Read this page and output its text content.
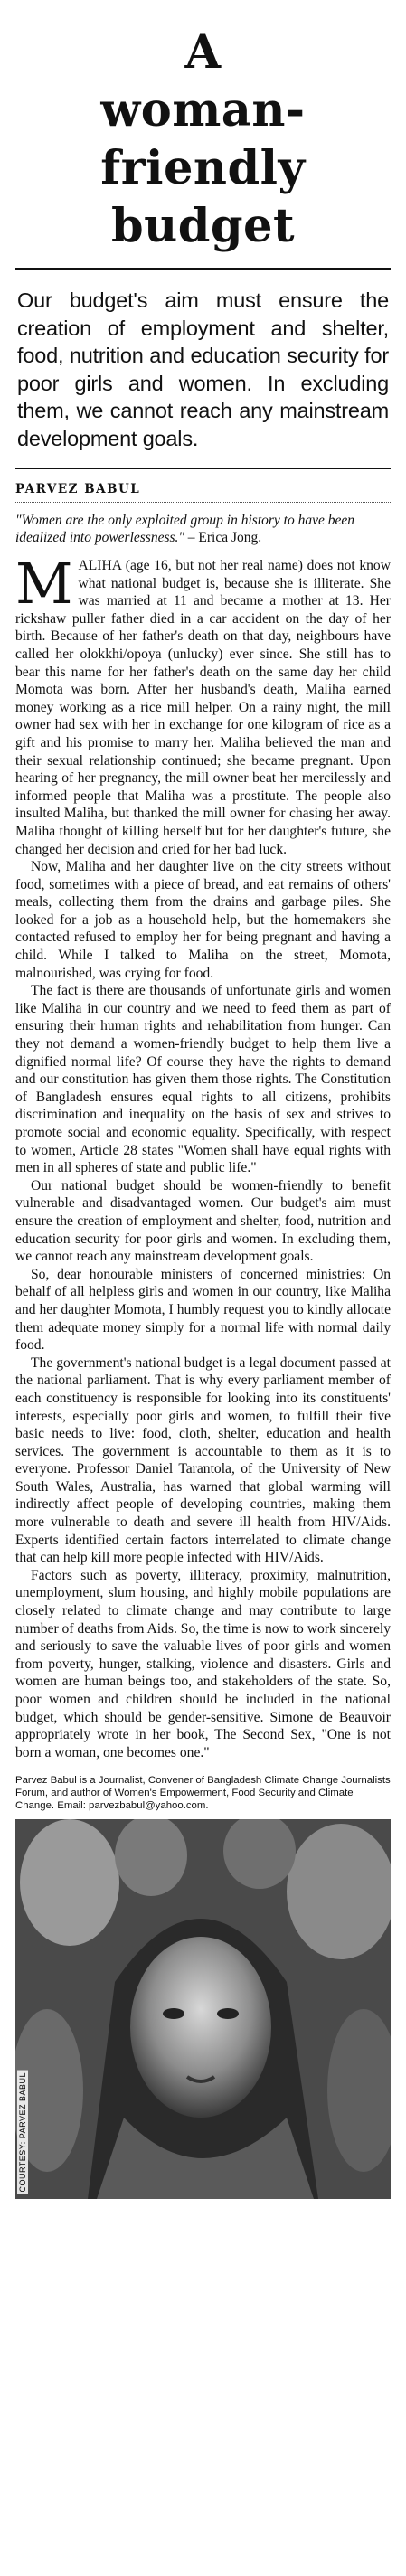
A
woman-friendly
budget
Our budget's aim must ensure the creation of employment and shelter, food, nutrition and education security for poor girls and women. In excluding them, we cannot reach any mainstream development goals.
PARVEZ BABUL
"Women are the only exploited group in history to have been idealized into powerlessness." – Erica Jong.

MALIHA (age 16, but not her real name) does not know what national budget is, because she is illiterate. She was married at 11 and became a mother at 13. Her rickshaw puller father died in a car accident on the day of her birth. Because of her father's death on that day, neighbours have called her olokkhi/opoya (unlucky) ever since. She still has to bear this name for her father's death on the same day her child Momota was born. After her husband's death, Maliha earned money working as a rice mill helper. On a rainy night, the mill owner had sex with her in exchange for one kilogram of rice as a gift and his promise to marry her. Maliha believed the man and their sexual relationship continued; she became pregnant. Upon hearing of her pregnancy, the mill owner beat her mercilessly and informed people that Maliha was a prostitute. The people also insulted Maliha, but thanked the mill owner for chasing her away. Maliha thought of killing herself but for her daughter's future, she changed her decision and cried for her bad luck.

Now, Maliha and her daughter live on the city streets without food, sometimes with a piece of bread, and eat remains of others' meals, collecting them from the drains and garbage piles. She looked for a job as a household help, but the homemakers she contacted refused to employ her for being pregnant and having a child. While I talked to Maliha on the street, Momota, malnourished, was crying for food.

The fact is there are thousands of unfortunate girls and women like Maliha in our country and we need to feed them as part of ensuring their human rights and rehabilitation from hunger. Can they not demand a women-friendly budget to help them live a dignified normal life? Of course they have the rights to demand and our constitution has given them those rights. The Constitution of Bangladesh ensures equal rights to all citizens, prohibits discrimination and inequality on the basis of sex and strives to promote social and economic equality. Specifically, with respect to women, Article 28 states "Women shall have equal rights with men in all spheres of state and public life."

Our national budget should be women-friendly to benefit vulnerable and disadvantaged women. Our budget's aim must ensure the creation of employment and shelter, food, nutrition and education security for poor girls and women. In excluding them, we cannot reach any mainstream development goals.

So, dear honourable ministers of concerned ministries: On behalf of all helpless girls and women in our country, like Maliha and her daughter Momota, I humbly request you to kindly allocate them adequate money simply for a normal life with normal daily food.

The government's national budget is a legal document passed at the national parliament. That is why every parliament member of each constituency is responsible for looking into its constituents' interests, especially poor girls and women, to fulfill their five basic needs to live: food, cloth, shelter, education and health services. The government is accountable to them as it is to everyone. Professor Daniel Tarantola, of the University of New South Wales, Australia, has warned that global warming will indirectly affect people of developing countries, making them more vulnerable to death and severe ill health from HIV/Aids. Experts identified certain factors interrelated to climate change that can help kill more people infected with HIV/Aids.

Factors such as poverty, illiteracy, proximity, malnutrition, unemployment, slum housing, and highly mobile populations are closely related to climate change and may contribute to large number of deaths from Aids. So, the time is now to work sincerely and seriously to save the valuable lives of poor girls and women from poverty, hunger, stalking, violence and disasters. Girls and women are human beings too, and stakeholders of the state. So, poor women and children should be included in the national budget, which should be gender-sensitive. Simone de Beauvoir appropriately wrote in her book, The Second Sex, "One is not born a woman, one becomes one."

Parvez Babul is a Journalist, Convener of Bangladesh Climate Change Journalists Forum, and author of Women's Empowerment, Food Security and Climate Change. Email: parvezbabul@yahoo.com.
COURTESY: PARVEZ BABUL
